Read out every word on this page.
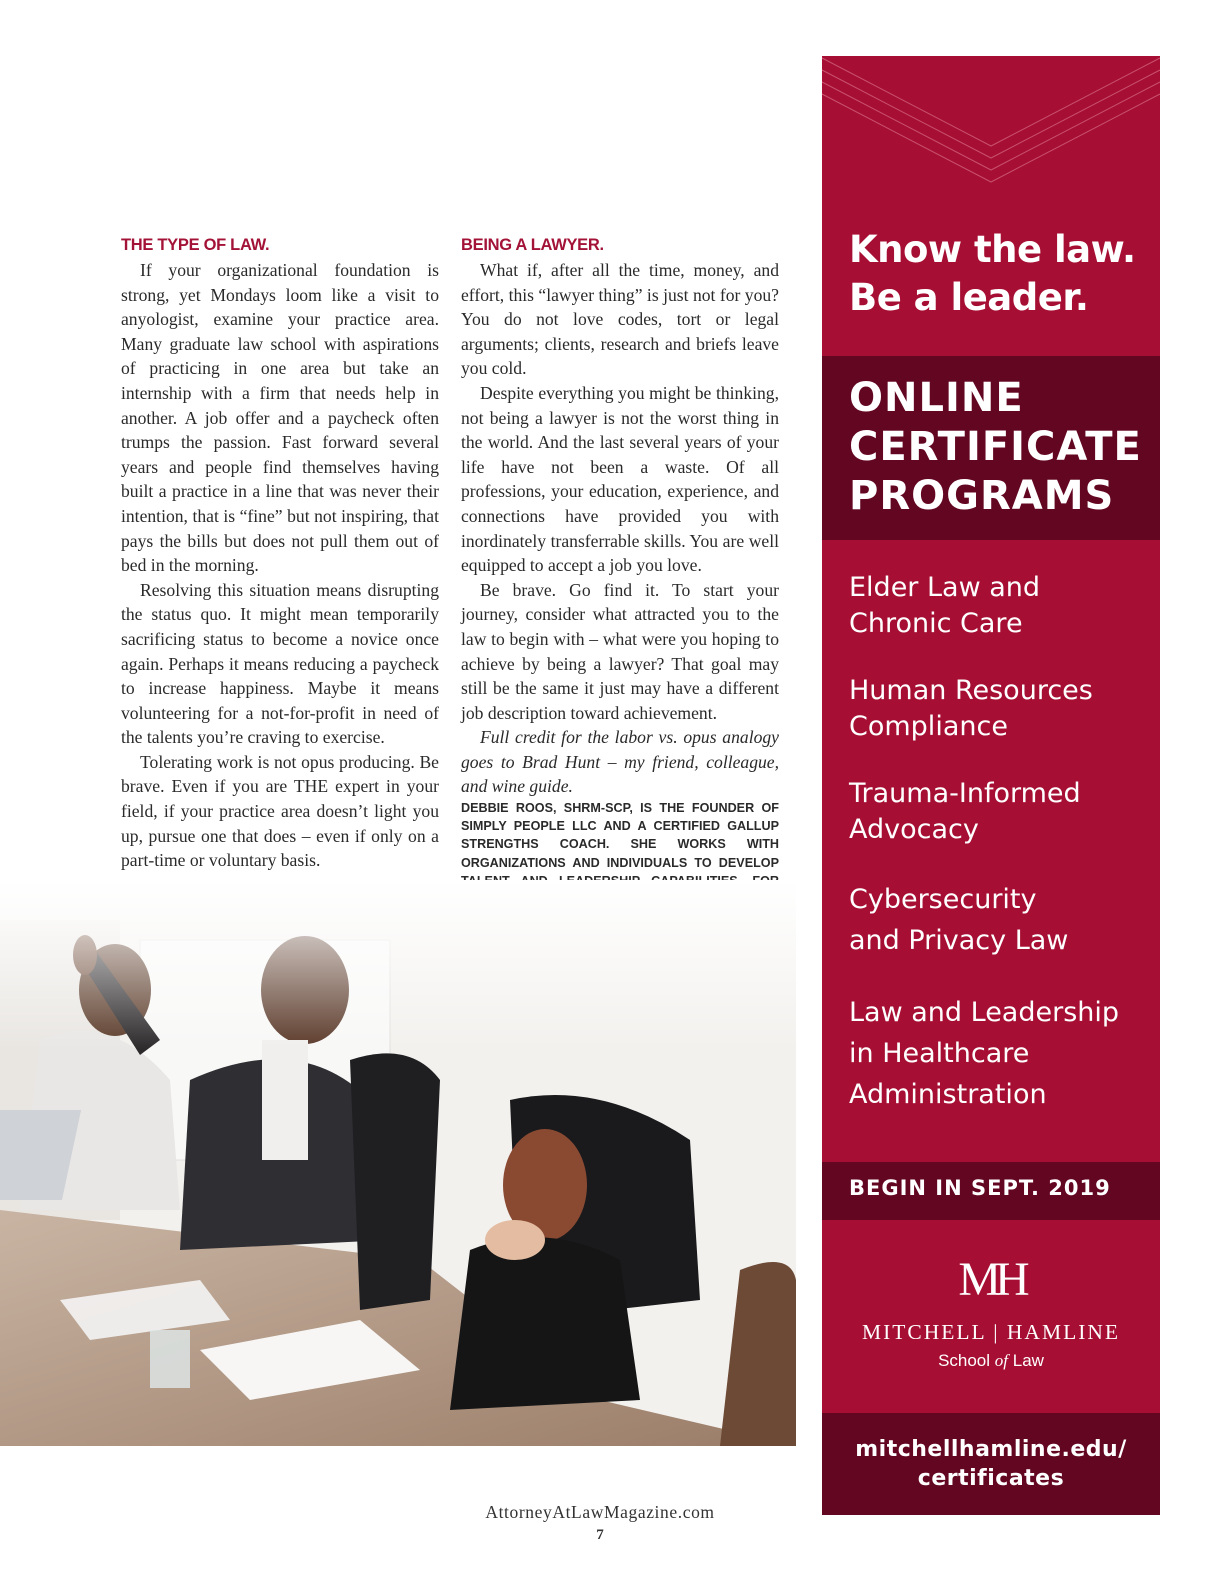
THE TYPE OF LAW.

If your organizational foundation is strong, yet Mondays loom like a visit to anyologist, examine your practice area. Many graduate law school with aspirations of practicing in one area but take an internship with a firm that needs help in another. A job offer and a paycheck often trumps the passion. Fast forward several years and people find themselves having built a practice in a line that was never their intention, that is “fine” but not inspiring, that pays the bills but does not pull them out of bed in the morning.

Resolving this situation means disrupting the status quo. It might mean temporarily sacrificing status to become a novice once again. Perhaps it means reducing a paycheck to increase happiness. Maybe it means volunteering for a not-for-profit in need of the talents you’re craving to exercise.

Tolerating work is not opus producing. Be brave. Even if you are THE expert in your field, if your practice area doesn’t light you up, pursue one that does – even if only on a part-time or voluntary basis.

BEING A LAWYER.

What if, after all the time, money, and effort, this “lawyer thing” is just not for you? You do not love codes, tort or legal arguments; clients, research and briefs leave you cold.

Despite everything you might be thinking, not being a lawyer is not the worst thing in the world. And the last several years of your life have not been a waste. Of all professions, your education, experience, and connections have provided you with inordinately transferrable skills. You are well equipped to accept a job you love.

Be brave. Go find it. To start your journey, consider what attracted you to the law to begin with – what were you hoping to achieve by being a lawyer? That goal may still be the same it just may have a different job description toward achievement.

Full credit for the labor vs. opus analogy goes to Brad Hunt – my friend, colleague, and wine guide.

DEBBIE ROOS, SHRM-SCP, IS THE FOUNDER OF SIMPLY PEOPLE LLC AND A CERTIFIED GALLUP STRENGTHS COACH. SHE WORKS WITH ORGANIZATIONS AND INDIVIDUALS TO DEVELOP

Know the law.
Be a leader.
ONLINE
CERTIFICATE
PROGRAMS
Elder Law and
Chronic Care
Human Resources
Compliance
Trauma-Informed
Advocacy
Cybersecurity
and Privacy Law
Law and Leadership
in Healthcare
Administration
BEGIN IN SEPT. 2019
MH
MITCHELL | HAMLINE
School of Law
mitchellhamline.edu/
certificates
AttorneyAtLawMagazine.com
7
